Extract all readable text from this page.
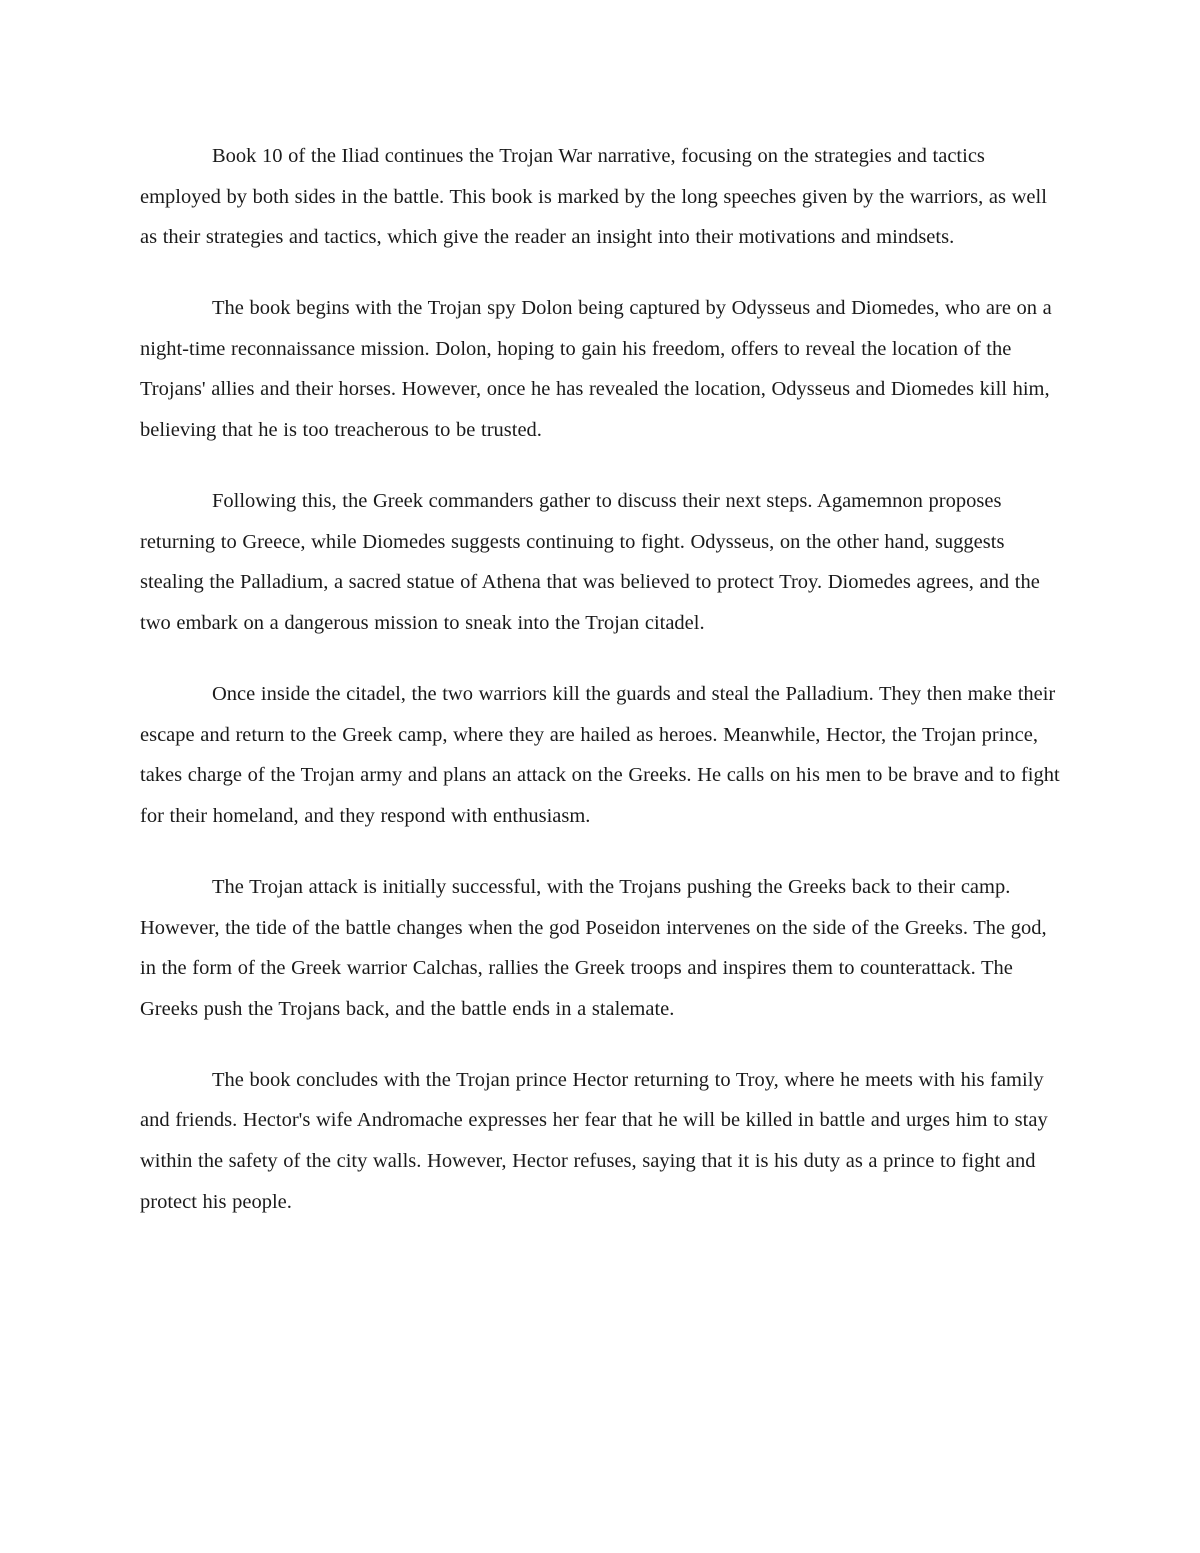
Book 10 of the Iliad continues the Trojan War narrative, focusing on the strategies and tactics employed by both sides in the battle. This book is marked by the long speeches given by the warriors, as well as their strategies and tactics, which give the reader an insight into their motivations and mindsets.

The book begins with the Trojan spy Dolon being captured by Odysseus and Diomedes, who are on a night-time reconnaissance mission. Dolon, hoping to gain his freedom, offers to reveal the location of the Trojans' allies and their horses. However, once he has revealed the location, Odysseus and Diomedes kill him, believing that he is too treacherous to be trusted.

Following this, the Greek commanders gather to discuss their next steps. Agamemnon proposes returning to Greece, while Diomedes suggests continuing to fight. Odysseus, on the other hand, suggests stealing the Palladium, a sacred statue of Athena that was believed to protect Troy. Diomedes agrees, and the two embark on a dangerous mission to sneak into the Trojan citadel.

Once inside the citadel, the two warriors kill the guards and steal the Palladium. They then make their escape and return to the Greek camp, where they are hailed as heroes. Meanwhile, Hector, the Trojan prince, takes charge of the Trojan army and plans an attack on the Greeks. He calls on his men to be brave and to fight for their homeland, and they respond with enthusiasm.

The Trojan attack is initially successful, with the Trojans pushing the Greeks back to their camp. However, the tide of the battle changes when the god Poseidon intervenes on the side of the Greeks. The god, in the form of the Greek warrior Calchas, rallies the Greek troops and inspires them to counterattack. The Greeks push the Trojans back, and the battle ends in a stalemate.

The book concludes with the Trojan prince Hector returning to Troy, where he meets with his family and friends. Hector's wife Andromache expresses her fear that he will be killed in battle and urges him to stay within the safety of the city walls. However, Hector refuses, saying that it is his duty as a prince to fight and protect his people.
